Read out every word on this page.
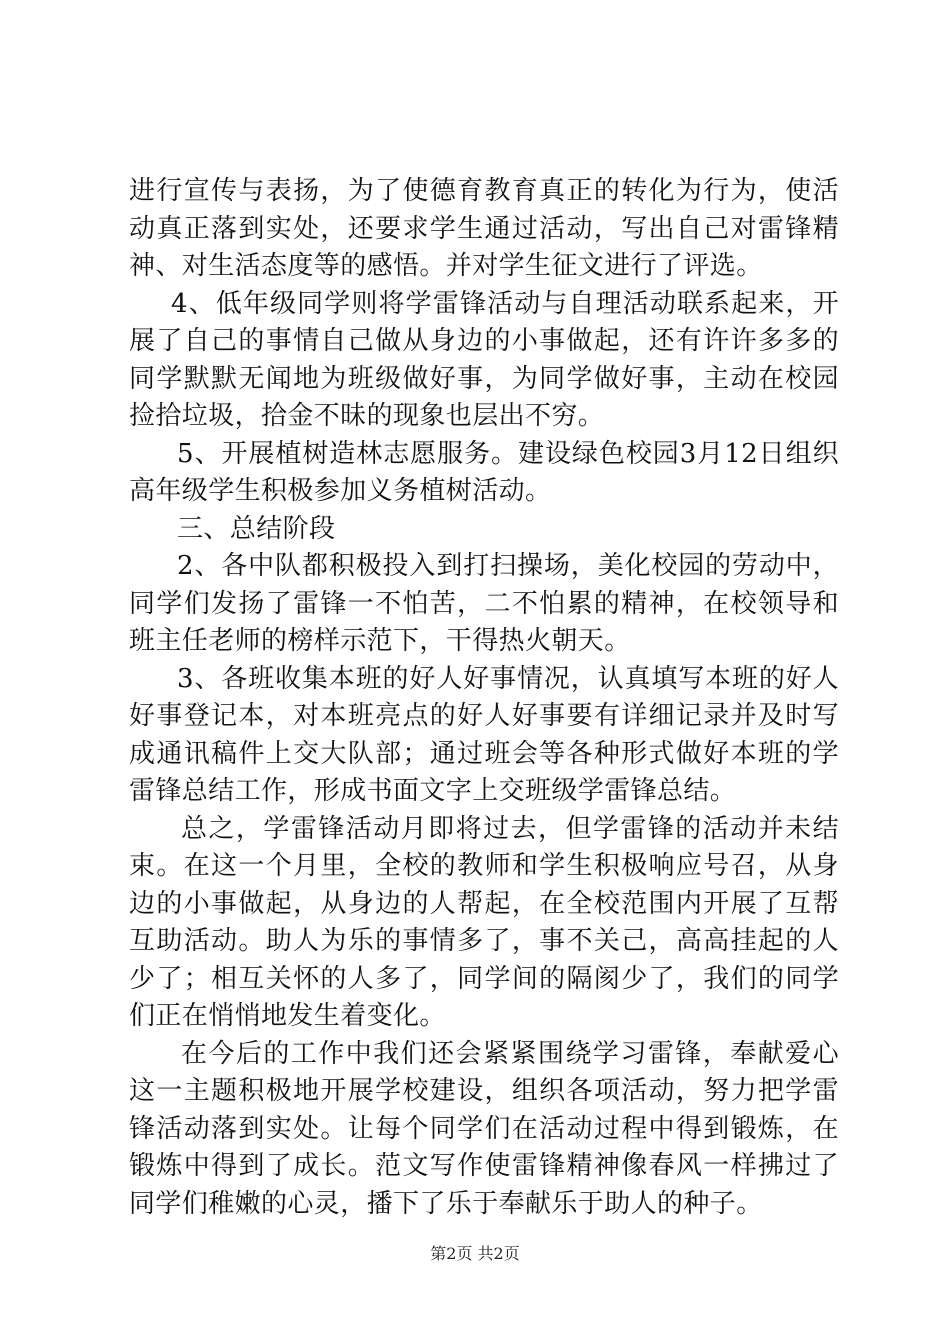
进行宣传与表扬，为了使德育教育真正的转化为行为，使活动真正落到实处，还要求学生通过活动，写出自己对雷锋精神、对生活态度等的感悟。并对学生征文进行了评选。

4、低年级同学则将学雷锋活动与自理活动联系起来，开展了自己的事情自己做从身边的小事做起，还有许许多多的同学默默无闻地为班级做好事，为同学做好事，主动在校园捡拾垃圾，拾金不昧的现象也层出不穷。

5、开展植树造林志愿服务。建设绿色校园3月12日组织高年级学生积极参加义务植树活动。

三、总结阶段

2、各中队都积极投入到打扫操场，美化校园的劳动中，同学们发扬了雷锋一不怕苦，二不怕累的精神，在校领导和班主任老师的榜样示范下，干得热火朝天。

3、各班收集本班的好人好事情况，认真填写本班的好人好事登记本，对本班亮点的好人好事要有详细记录并及时写成通讯稿件上交大队部；通过班会等各种形式做好本班的学雷锋总结工作，形成书面文字上交班级学雷锋总结。

总之，学雷锋活动月即将过去，但学雷锋的活动并未结束。在这一个月里，全校的教师和学生积极响应号召，从身边的小事做起，从身边的人帮起，在全校范围内开展了互帮互助活动。助人为乐的事情多了，事不关己，高高挂起的人少了；相互关怀的人多了，同学间的隔阂少了，我们的同学们正在悄悄地发生着变化。

在今后的工作中我们还会紧紧围绕学习雷锋，奉献爱心这一主题积极地开展学校建设，组织各项活动，努力把学雷锋活动落到实处。让每个同学们在活动过程中得到锻炼，在锻炼中得到了成长。范文写作使雷锋精神像春风一样拂过了同学们稚嫩的心灵，播下了乐于奉献乐于助人的种子。

第2页 共2页
